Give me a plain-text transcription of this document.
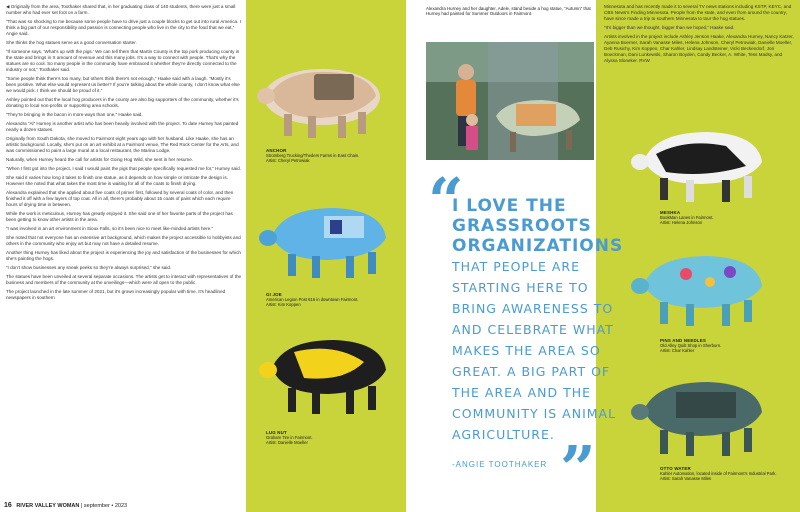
◀ Originally from the area, Toothaker shared that, in her graduating class of 140 students, there were just a small number who had ever set foot on a farm.

“That was so shocking to me because some people have to drive just a couple blocks to get out into rural America. I think a big part of our responsibility and passion is connecting people who live in the city to the food that we eat,” Angie said.

She thinks the hog statues serve as a good conversation starter.

“If someone says, ‘What’s up with the pigs.’ We can tell them that Martin County is the top pork producing county in the state and brings in X amount of revenue and this many jobs. It’s a way to connect with people. That’s why the statues are so cool. So many people in the community have embraced it whether they’re directly connected to the industry or not,” Toothaker said.

“Some people think there’s too many, but others think there’s not enough,” Haake said with a laugh. “Mostly it’s been positive. What else would represent us better? If you’re talking about the whole county, I don’t know what else we would pick. I think we should be proud of it.”

Ashley pointed out that the local hog producers in the county are also big supporters of the community, whether it’s donating to local non-profits or supporting area schools.

“They’re bringing in the bacon in more ways than one,” Haake said.

Alexandra “Al” Hurney is another artist who has been heavily involved with the project. To date Hurney has painted nearly a dozen statues.

Originally from South Dakota, she moved to Fairmont eight years ago with her husband. Like Haake, she has an artistic background. Locally, she’s put on an art exhibit at a Fairmont venue, The Red Rock Center for the Arts, and was commissioned to paint a large mural at a local restaurant, the Marina Lodge.

Naturally, when Hurney heard the call for artists for Going Hog Wild, she sent in her resume.

“When I first got into the project, I said I would paint the pigs that people specifically requested me for,” Hurney said.

She said it varies how long it takes to finish one statue, as it depends on how simple or intricate the design is. However she noted that what takes the most time is waiting for all of the coats to finish drying.

Alexandra explained that she applied about five coats of primer first, followed by several coats of color, and then finished it off with a few layers of top coat. All in all, there’s probably about 15 coats of paint which each require hours of drying time in between.

While the work is meticulous, Hurney has greatly enjoyed it. She said one of her favorite parts of the project has been getting to know other artists in the area.

“I was involved in an art environment in Sioux Falls, so it’s been nice to meet like-minded artists here.”

She noted that not everyone has an extensive art background, which makes the project accessible to hobbyists and others in the community who enjoy art but may not have a detailed resume.

Another thing Hurney has liked about the project is experiencing the joy and satisfaction of the businesses for which she’s painting the hogs.

“I don’t show businesses any sneak peeks so they’re always surprised,” she said.

The statues have been unveiled at several separate occasions. The artists get to interact with representatives of the business and members of the community at the unveilings—which were all open to the public.

The project launched in the late summer of 2021, but it’s grown increasingly popular with time. It’s headlined newspapers in southern

ANCHOR
Stromberg Trucking/Theders Farms in East Chain.
Artist: Cheryl Petrowiak
GI JOE
American Legion Post 616 in downtown Fairmont.
Artist: Kim Koppen
LUG NUT
Graham Tire in Fairmont.
Artist: Danielle Moeller
Alexandra Hurney and her daughter, Adele, stand beside a hog statue, “Autumn” that Hurney had painted for Summer Outdoors in Fairmont.
“
I LOVE THE GRASSROOTS ORGANIZATIONS
THAT PEOPLE ARE STARTING HERE TO BRING AWARENESS TO AND CELEBRATE WHAT MAKES THE AREA SO GREAT. A BIG PART OF THE AREA AND THE COMMUNITY IS ANIMAL AGRICULTURE.
-ANGIE TOOTHAKER ”

Minnesota and has recently made it to several TV news stations including KSTP, KEYC, and CBS News’s Finding Minnesota. People from the state, and even from around the country, have since made a trip to southern Minnesota to tour the hog statues.

“It’s bigger than we thought, bigger than we hoped,” Haake said.

Artists involved in the project include Ashley Jenson Haake, Alexandra Hurney, Nancy Katzer, Ayanna Boerner, Sarah Vanasse Miles, Helena Johnson, Cheryl Petrowiak, Danielle Moeller, Deb Rusichy, Kim Koppen, Char Kahler, Lindsay Landsteiner, Vicki Beckendorf, Jori Boeckman, Dani Lunkewski, Sharon Boyden, Candy Becker, A. White, Tess Madsy, and Alyssa Sloneker. RVW

MESHKA
BookMan Lanes in Fairmont.
Artist: Helena Johnson
PINS AND NEEDLES
Old Alley Quilt Shop in Sherburn.
Artist: Char Kahler
OTTO WATER
Kahler Automation, located inside of Fairmont’s Industrial Park.
Artist: Sarah Vanasse Miles
16 RIVER VALLEY WOMAN | september • 2023
